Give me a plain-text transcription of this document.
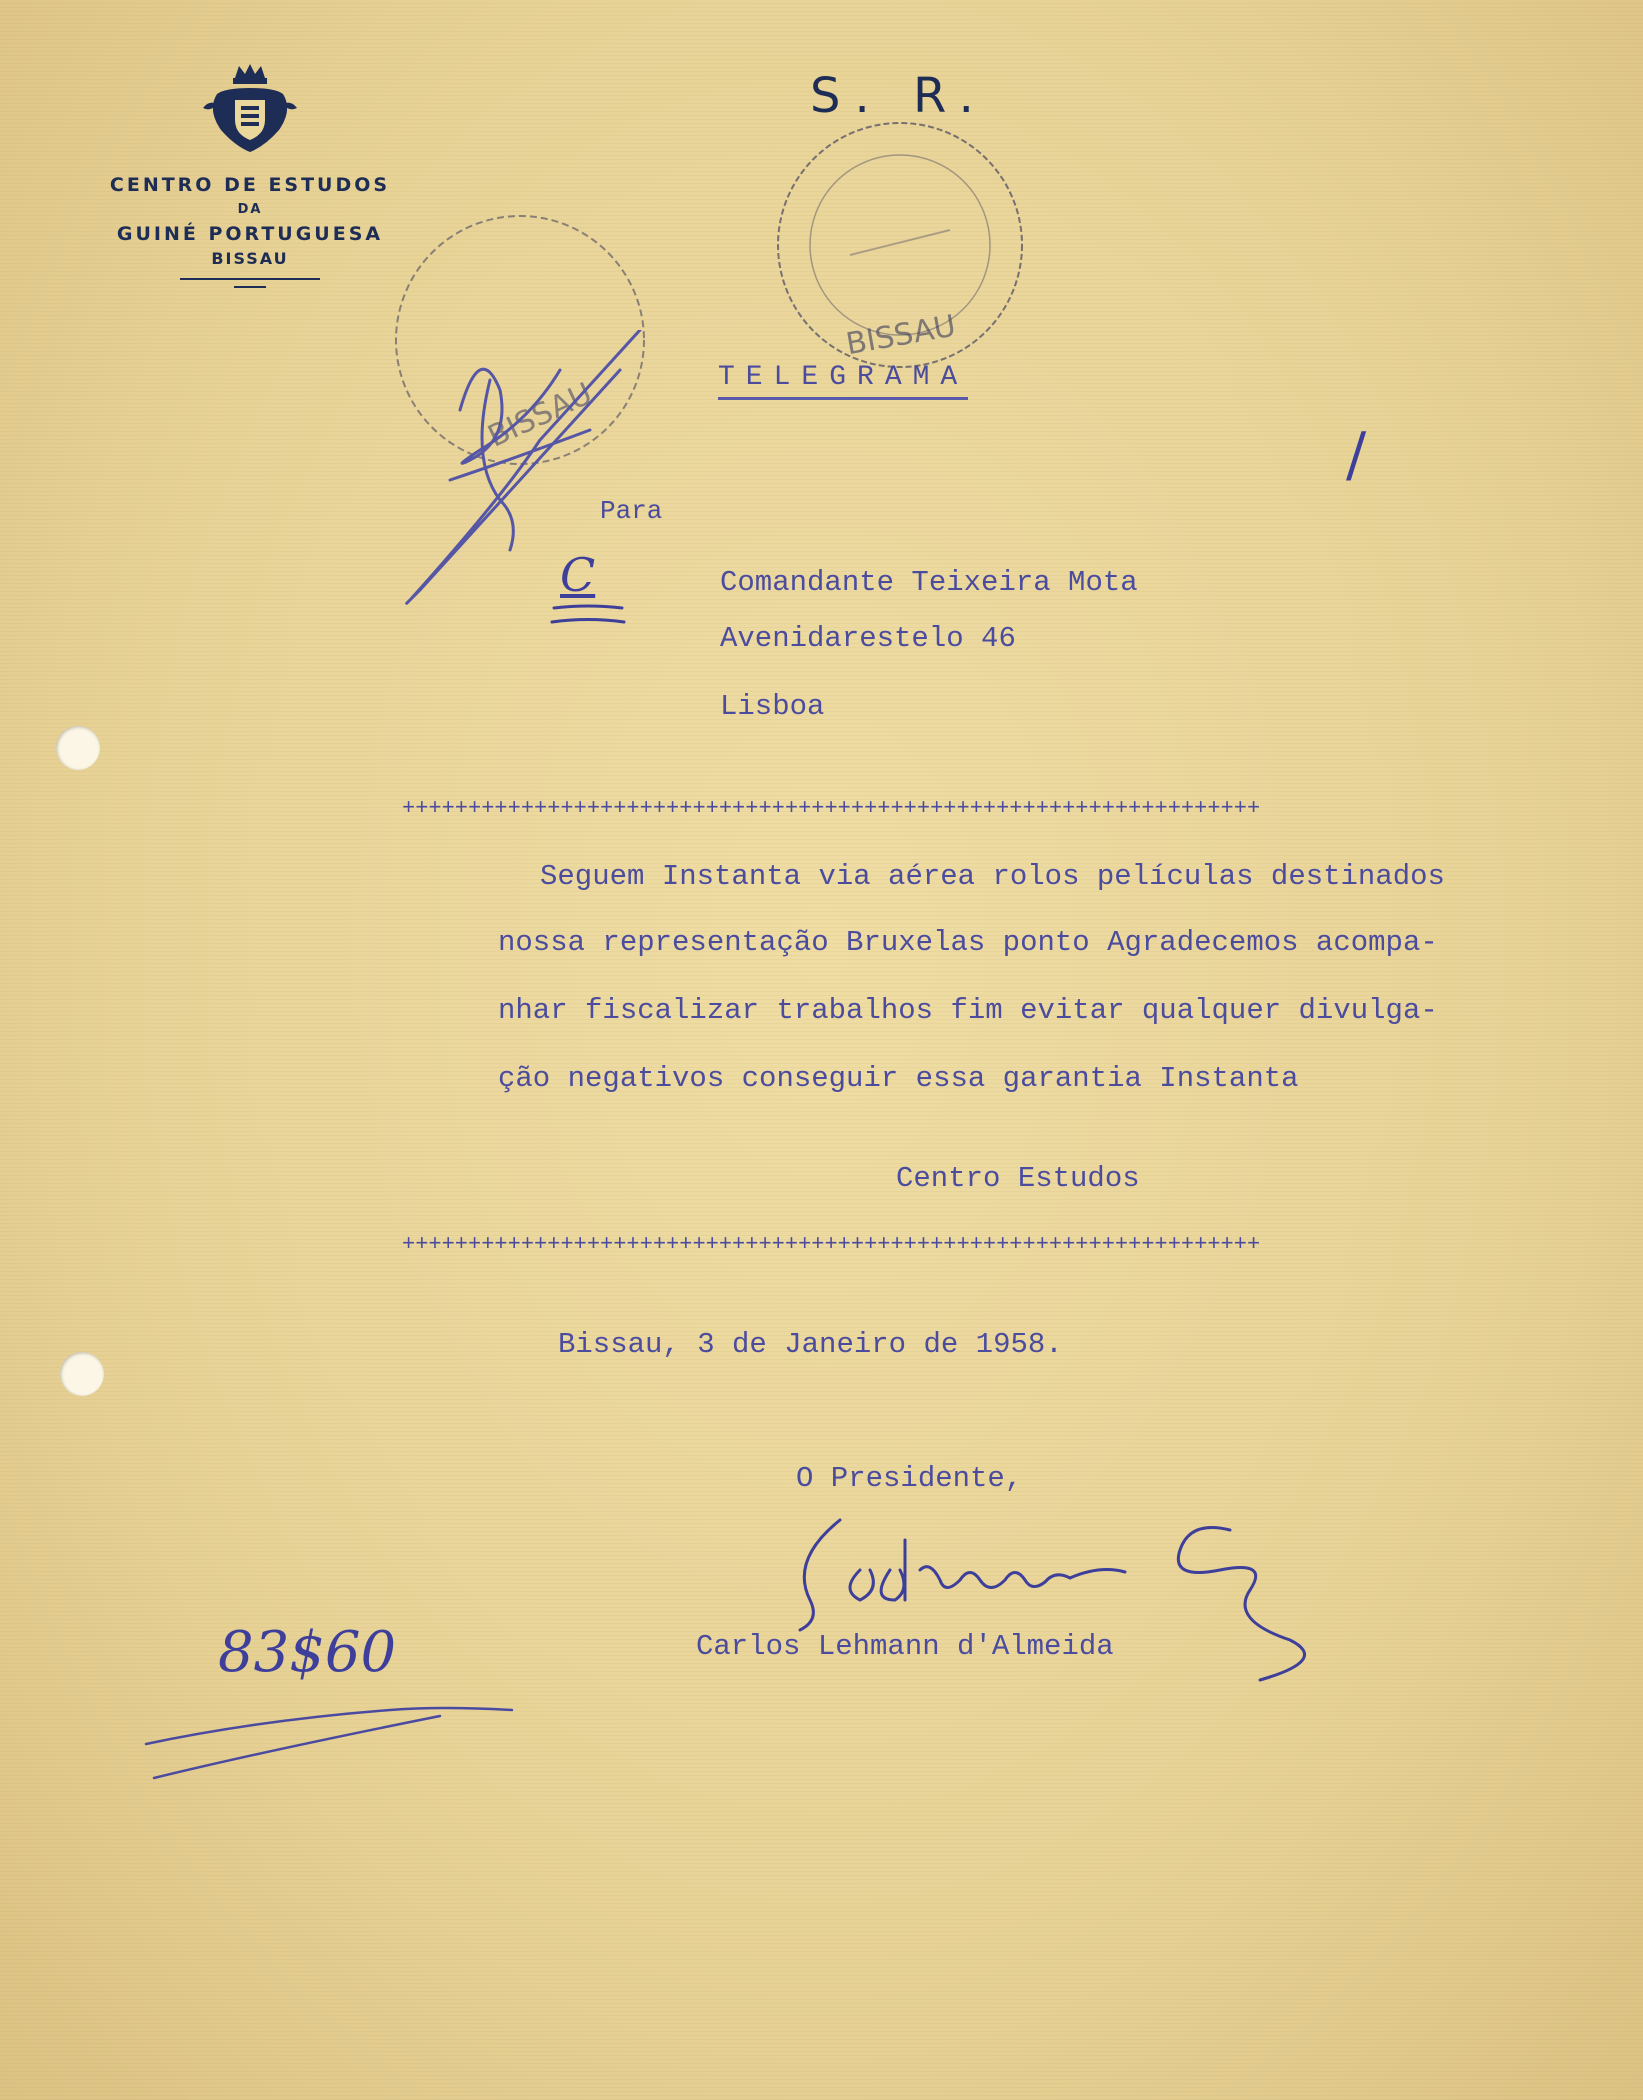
CENTRO DE ESTUDOS
DA
GUINÉ PORTUGUESA
BISSAU
S. R.
BISSAU
BISSAU
C
/
TELEGRAMA
Para
Comandante Teixeira Mota
Avenidarestelo 46
Lisboa
+++++++++++++++++++++++++++++++++++++++++++++++++++++++++++++++++
Seguem Instanta via aérea rolos películas destinados
nossa representação Bruxelas ponto Agradecemos acompa-
nhar fiscalizar trabalhos fim evitar qualquer divulga-
ção negativos conseguir essa garantia Instanta
Centro Estudos
+++++++++++++++++++++++++++++++++++++++++++++++++++++++++++++++++
Bissau, 3 de Janeiro de 1958.
O Presidente,
Carlos Lehmann d'Almeida
83$60
